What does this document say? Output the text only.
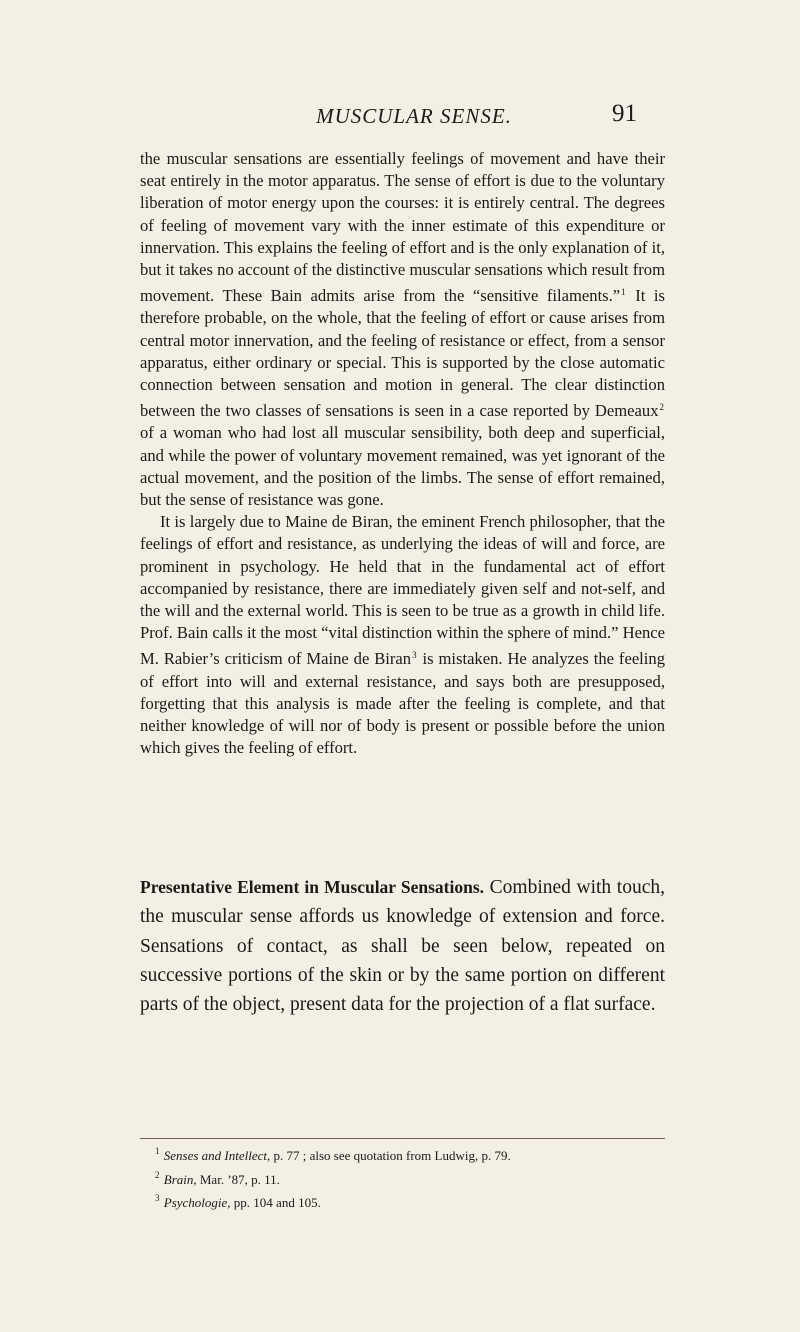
MUSCULAR SENSE.	91

the muscular sensations are essentially feelings of movement and have their seat entirely in the motor apparatus. The sense of effort is due to the voluntary liberation of motor energy upon the courses: it is entirely central. The degrees of feeling of movement vary with the inner estimate of this expenditure or innervation. This explains the feeling of effort and is the only explanation of it, but it takes no account of the distinctive muscular sensations which result from movement. These Bain admits arise from the “sensitive filaments.”$^1$ It is therefore probable, on the whole, that the feeling of effort or cause arises from central motor innervation, and the feeling of resistance or effect, from a sensor apparatus, either ordinary or special. This is supported by the close automatic connection between sensation and motion in general. The clear distinction between the two classes of sensations is seen in a case reported by Demeaux$^2$ of a woman who had lost all muscular sensibility, both deep and superficial, and while the power of voluntary movement remained, was yet ignorant of the actual movement, and the position of the limbs. The sense of effort remained, but the sense of resistance was gone.

It is largely due to Maine de Biran, the eminent French philosopher, that the feelings of effort and resistance, as underlying the ideas of will and force, are prominent in psychology. He held that in the fundamental act of effort accompanied by resistance, there are immediately given self and not-self, and the will and the external world. This is seen to be true as a growth in child life. Prof. Bain calls it the most “vital distinction within the sphere of mind.” Hence M. Rabier’s criticism of Maine de Biran$^3$ is mistaken. He analyzes the feeling of effort into will and external resistance, and says both are presupposed, forgetting that this analysis is made after the feeling is complete, and that neither knowledge of will nor of body is present or possible before the union which gives the feeling of effort.

Presentative Element in Muscular Sensations. Combined with touch, the muscular sense affords us knowledge of extension and force. Sensations of contact, as shall be seen below, repeated on successive portions of the skin or by the same portion on different parts of the object, present data for the projection of a flat surface.

$^1$ Senses and Intellect, p. 77 ; also see quotation from Ludwig, p. 79.
$^2$ Brain, Mar. ’87, p. 11.
$^3$ Psychologie, pp. 104 and 105.
